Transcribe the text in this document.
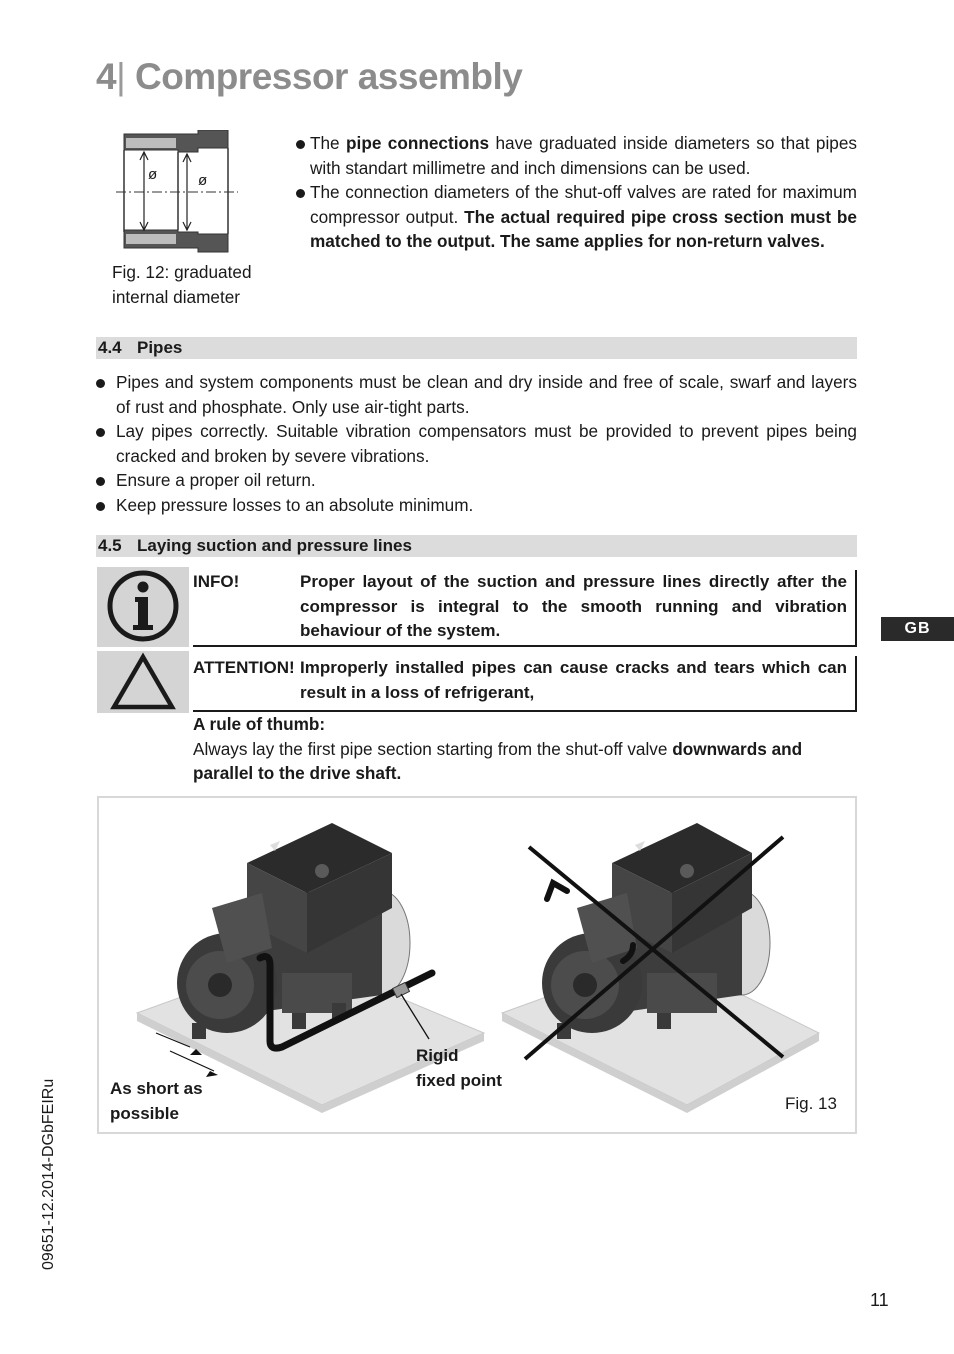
4| Compressor assembly
ø	ø
Fig. 12: graduated
internal diameter
The pipe connections have graduated inside diameters so that pipes with standart millimetre and inch dimensions can be used.
The connection diameters of the shut-off valves are rated for maximum compressor output. The actual required pipe cross section must be matched to the output. The same applies for non-return valves.
4.4 Pipes
Pipes and system components must be clean and dry inside and free of scale, swarf and layers of rust and phosphate. Only use air-tight parts.
Lay pipes correctly. Suitable vibration compensators must be provided to prevent pipes being cracked and broken by severe vibrations.
Ensure a proper oil return.
Keep pressure losses to an absolute minimum.
4.5 Laying suction and pressure lines
INFO!	Proper layout of the suction and pressure lines directly after the compressor is integral to the smooth running and vibration behaviour of the system.
ATTENTION! Improperly installed pipes can cause cracks and tears which can result in a loss of refrigerant,
A rule of thumb:
Always lay the first pipe section starting from the shut-off valve downwards and parallel to the drive shaft.
As short as
possible
Rigid
fixed point
Fig. 13
GB
09651-12.2014-DGbFEIRu
11
